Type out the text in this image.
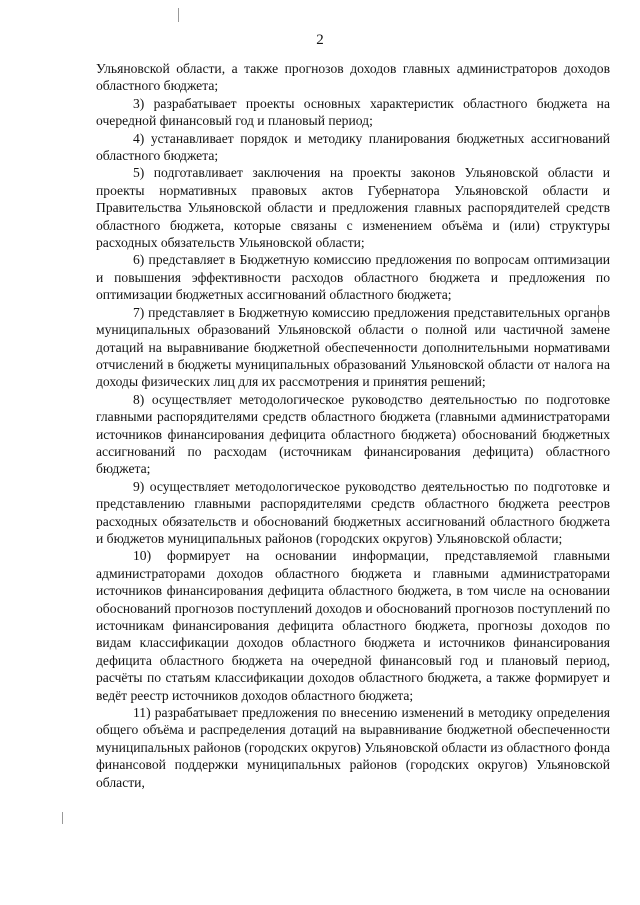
2

Ульяновской области, а также прогнозов доходов главных администраторов доходов областного бюджета;

3) разрабатывает проекты основных характеристик областного бюджета на очередной финансовый год и плановый период;

4) устанавливает порядок и методику планирования бюджетных ассигнований областного бюджета;

5) подготавливает заключения на проекты законов Ульяновской области и проекты нормативных правовых актов Губернатора Ульяновской области и Правительства Ульяновской области и предложения главных распорядителей средств областного бюджета, которые связаны с изменением объёма и (или) структуры расходных обязательств Ульяновской области;

6) представляет в Бюджетную комиссию предложения по вопросам оптимизации и повышения эффективности расходов областного бюджета и предложения по оптимизации бюджетных ассигнований областного бюджета;

7) представляет в Бюджетную комиссию предложения представительных органов муниципальных образований Ульяновской области о полной или частичной замене дотаций на выравнивание бюджетной обеспеченности дополнительными нормативами отчислений в бюджеты муниципальных образований Ульяновской области от налога на доходы физических лиц для их рассмотрения и принятия решений;

8) осуществляет методологическое руководство деятельностью по подготовке главными распорядителями средств областного бюджета (главными администраторами источников финансирования дефицита областного бюджета) обоснований бюджетных ассигнований по расходам (источникам финансирования дефицита) областного бюджета;

9) осуществляет методологическое руководство деятельностью по подготовке и представлению главными распорядителями средств областного бюджета реестров расходных обязательств и обоснований бюджетных ассигнований областного бюджета и бюджетов муниципальных районов (городских округов) Ульяновской области;

10) формирует на основании информации, представляемой главными администраторами доходов областного бюджета и главными администраторами источников финансирования дефицита областного бюджета, в том числе на основании обоснований прогнозов поступлений доходов и обоснований прогнозов поступлений по источникам финансирования дефицита областного бюджета, прогнозы доходов по видам классификации доходов областного бюджета и источников финансирования дефицита областного бюджета на очередной финансовый год и плановый период, расчёты по статьям классификации доходов областного бюджета, а также формирует и ведёт реестр источников доходов областного бюджета;

11) разрабатывает предложения по внесению изменений в методику определения общего объёма и распределения дотаций на выравнивание бюджетной обеспеченности муниципальных районов (городских округов) Ульяновской области из областного фонда финансовой поддержки муниципальных районов (городских округов) Ульяновской области,
